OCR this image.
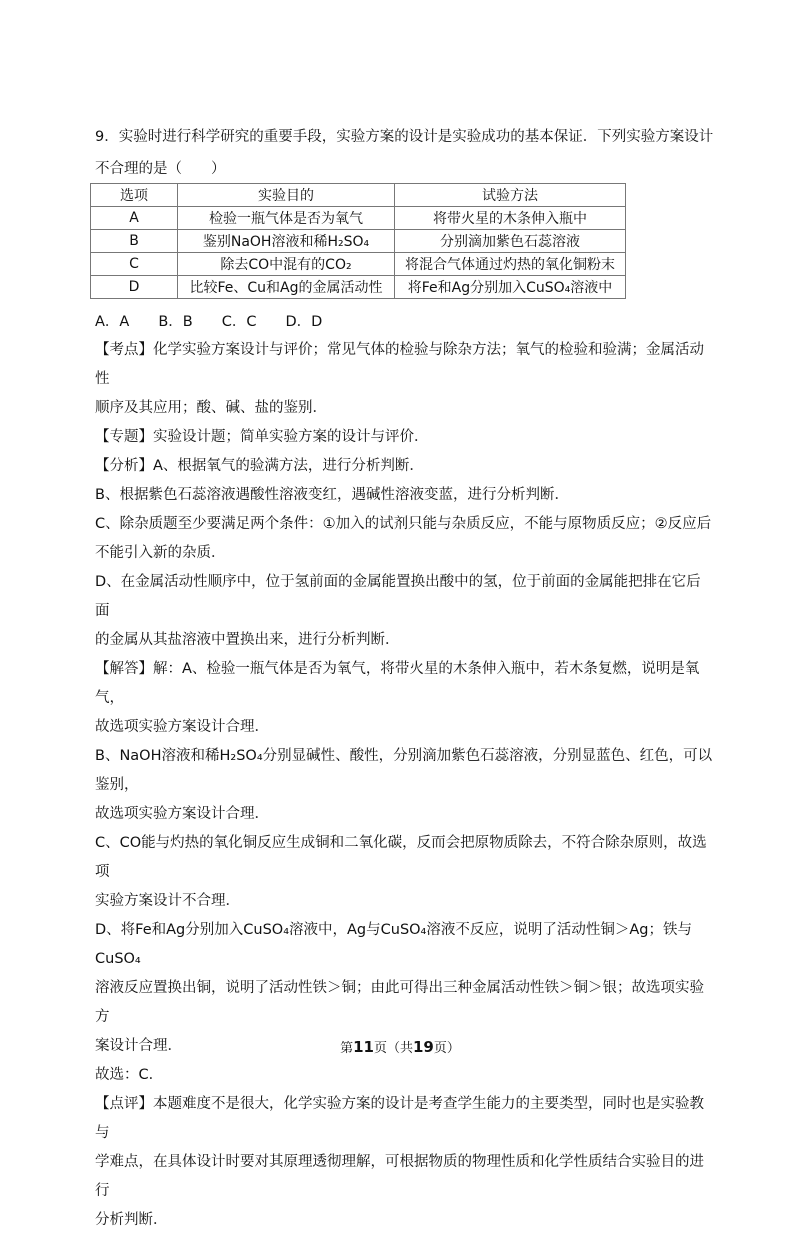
9．实验时进行科学研究的重要手段，实验方案的设计是实验成功的基本保证．下列实验方案设计
不合理的是（　　）
选项	实验目的	试验方法
A	检验一瓶气体是否为氧气	将带火星的木条伸入瓶中
B	鉴别NaOH溶液和稀H₂SO₄	分别滴加紫色石蕊溶液
C	除去CO中混有的CO₂	将混合气体通过灼热的氧化铜粉末
D	比较Fe、Cu和Ag的金属活动性	将Fe和Ag分别加入CuSO₄溶液中
A．A　　B．B　　C．C　　D．D
【考点】化学实验方案设计与评价；常见气体的检验与除杂方法；氧气的检验和验满；金属活动性
顺序及其应用；酸、碱、盐的鉴别．
【专题】实验设计题；简单实验方案的设计与评价．
【分析】A、根据氧气的验满方法，进行分析判断．
B、根据紫色石蕊溶液遇酸性溶液变红，遇碱性溶液变蓝，进行分析判断．
C、除杂质题至少要满足两个条件：①加入的试剂只能与杂质反应，不能与原物质反应；②反应后
不能引入新的杂质．
D、在金属活动性顺序中，位于氢前面的金属能置换出酸中的氢，位于前面的金属能把排在它后面
的金属从其盐溶液中置换出来，进行分析判断．
【解答】解：A、检验一瓶气体是否为氧气，将带火星的木条伸入瓶中，若木条复燃，说明是氧气，
故选项实验方案设计合理．
B、NaOH溶液和稀H₂SO₄分别显碱性、酸性，分别滴加紫色石蕊溶液，分别显蓝色、红色，可以鉴别，
故选项实验方案设计合理．
C、CO能与灼热的氧化铜反应生成铜和二氧化碳，反而会把原物质除去，不符合除杂原则，故选项
实验方案设计不合理．
D、将Fe和Ag分别加入CuSO₄溶液中，Ag与CuSO₄溶液不反应，说明了活动性铜＞Ag；铁与CuSO₄
溶液反应置换出铜，说明了活动性铁＞铜；由此可得出三种金属活动性铁＞铜＞银；故选项实验方
案设计合理．
故选：C．
【点评】本题难度不是很大，化学实验方案的设计是考查学生能力的主要类型，同时也是实验教与
学难点，在具体设计时要对其原理透彻理解，可根据物质的物理性质和化学性质结合实验目的进行
分析判断．
第11页（共19页）
